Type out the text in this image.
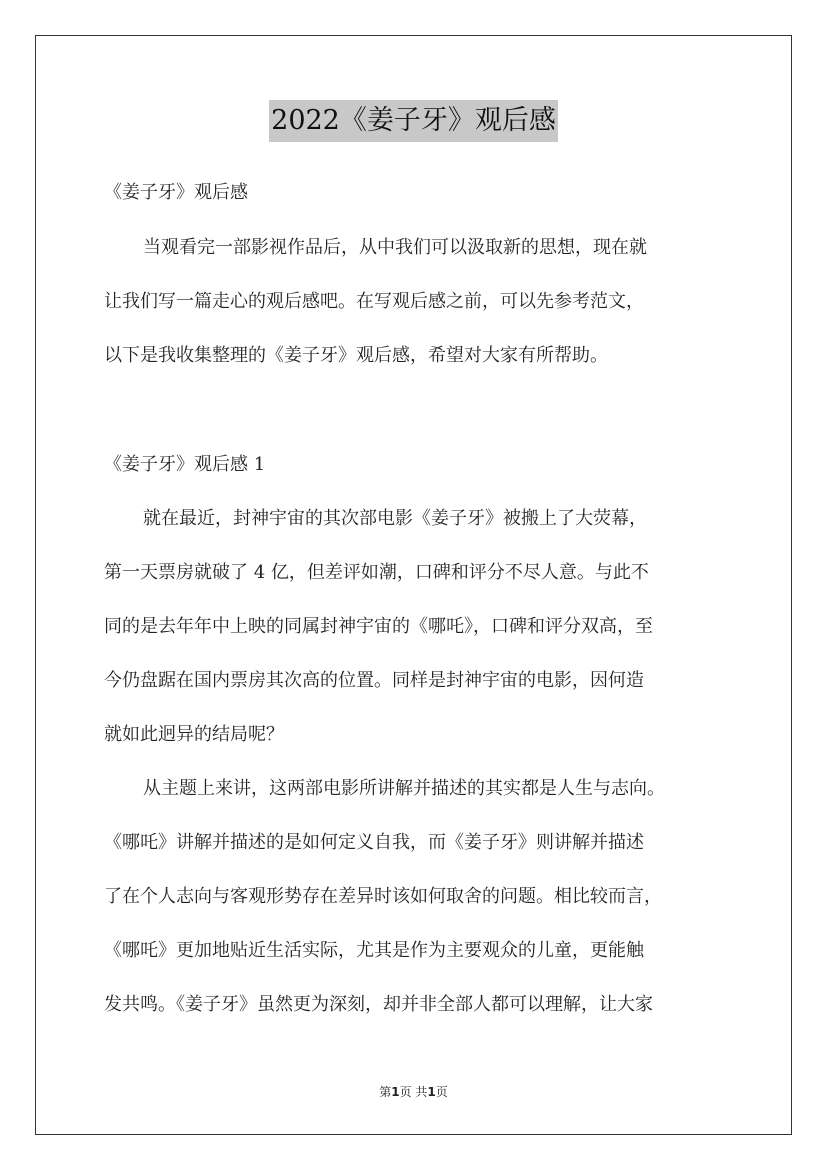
2022《姜子牙》观后感
《姜子牙》观后感
当观看完一部影视作品后，从中我们可以汲取新的思想，现在就
让我们写一篇走心的观后感吧。在写观后感之前，可以先参考范文，
以下是我收集整理的《姜子牙》观后感，希望对大家有所帮助。
《姜子牙》观后感 1
就在最近，封神宇宙的其次部电影《姜子牙》被搬上了大荧幕，
第一天票房就破了 4 亿，但差评如潮，口碑和评分不尽人意。与此不
同的是去年年中上映的同属封神宇宙的《哪吒》，口碑和评分双高，至
今仍盘踞在国内票房其次高的位置。同样是封神宇宙的电影，因何造
就如此迥异的结局呢？
从主题上来讲，这两部电影所讲解并描述的其实都是人生与志向。
《哪吒》讲解并描述的是如何定义自我，而《姜子牙》则讲解并描述
了在个人志向与客观形势存在差异时该如何取舍的问题。相比较而言，
《哪吒》更加地贴近生活实际，尤其是作为主要观众的儿童，更能触
发共鸣。《姜子牙》虽然更为深刻，却并非全部人都可以理解，让大家
第1页 共1页
